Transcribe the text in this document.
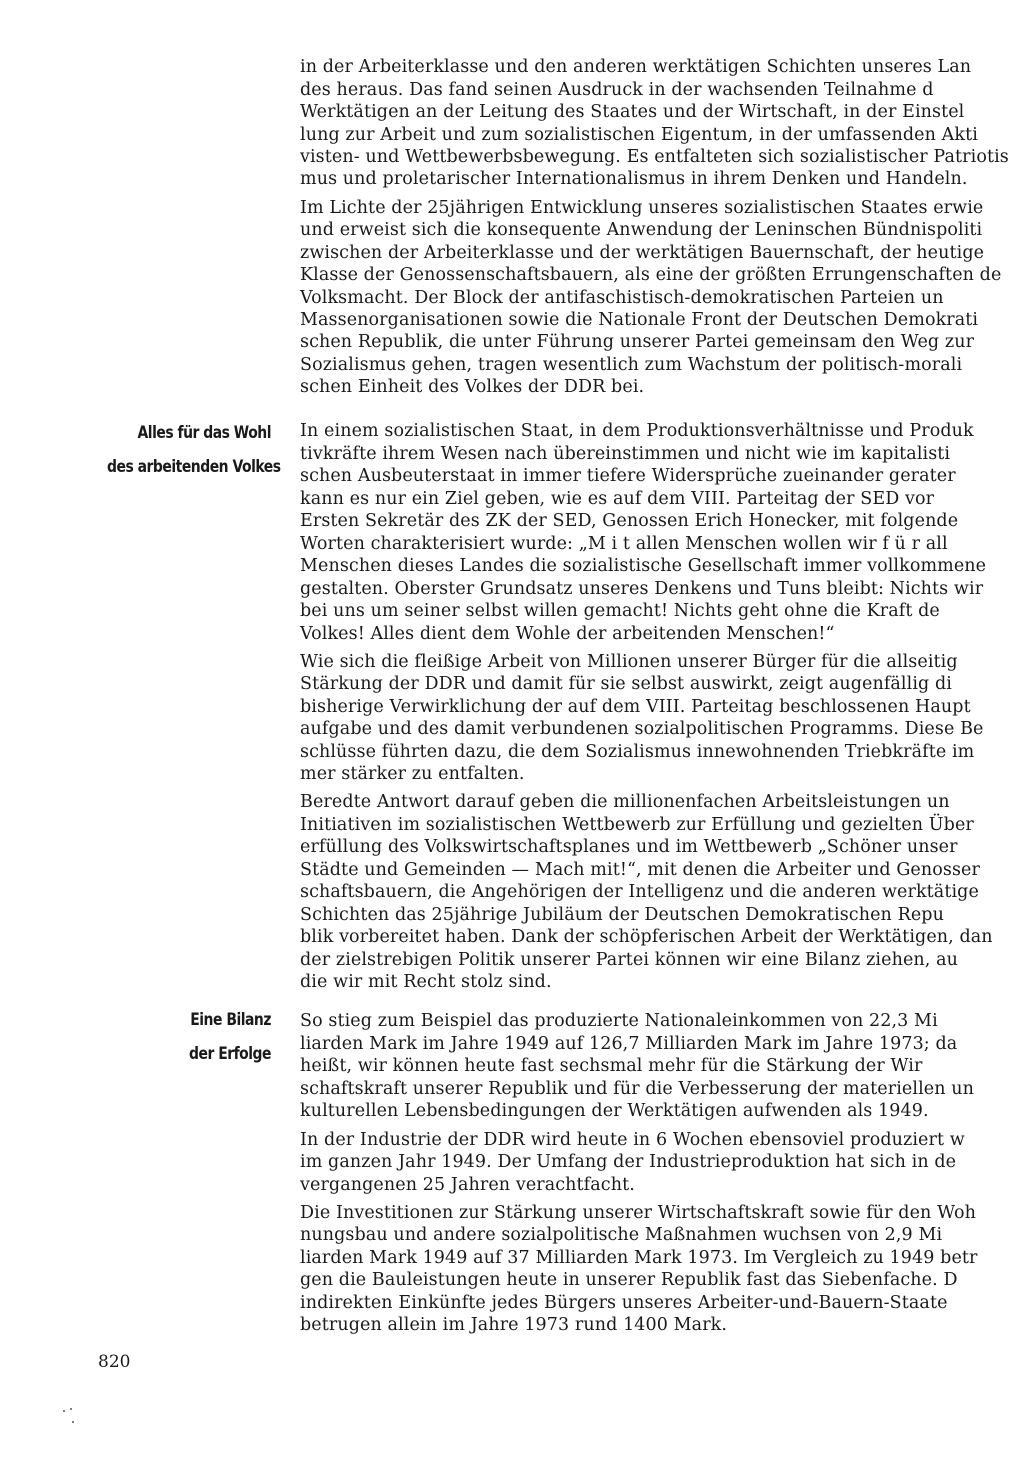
Alles für das Wohl
des arbeitenden Volkes
Eine Bilanz
der Erfolge
in der Arbeiterklasse und den anderen werktätigen Schichten unseres Lan
des heraus. Das fand seinen Ausdruck in der wachsenden Teilnahme d
Werktätigen an der Leitung des Staates und der Wirtschaft, in der Einstel
lung zur Arbeit und zum sozialistischen Eigentum, in der umfassenden Akti
visten- und Wettbewerbsbewegung. Es entfalteten sich sozialistischer Patriotis
mus und proletarischer Internationalismus in ihrem Denken und Handeln.
Im Lichte der 25jährigen Entwicklung unseres sozialistischen Staates erwie
und erweist sich die konsequente Anwendung der Leninschen Bündnispoliti
zwischen der Arbeiterklasse und der werktätigen Bauernschaft, der heutige
Klasse der Genossenschaftsbauern, als eine der größten Errungenschaften de
Volksmacht. Der Block der antifaschistisch-demokratischen Parteien un
Massenorganisationen sowie die Nationale Front der Deutschen Demokrati
schen Republik, die unter Führung unserer Partei gemeinsam den Weg zur
Sozialismus gehen, tragen wesentlich zum Wachstum der politisch-morali
schen Einheit des Volkes der DDR bei.
In einem sozialistischen Staat, in dem Produktionsverhältnisse und Produk
tivkräfte ihrem Wesen nach übereinstimmen und nicht wie im kapitalisti
schen Ausbeuterstaat in immer tiefere Widersprüche zueinander gerater
kann es nur ein Ziel geben, wie es auf dem VIII. Parteitag der SED vor
Ersten Sekretär des ZK der SED, Genossen Erich Honecker, mit folgende
Worten charakterisiert wurde: „M i t allen Menschen wollen wir f ü r all
Menschen dieses Landes die sozialistische Gesellschaft immer vollkommene
gestalten. Oberster Grundsatz unseres Denkens und Tuns bleibt: Nichts wir
bei uns um seiner selbst willen gemacht! Nichts geht ohne die Kraft de
Volkes! Alles dient dem Wohle der arbeitenden Menschen!“
Wie sich die fleißige Arbeit von Millionen unserer Bürger für die allseitig
Stärkung der DDR und damit für sie selbst auswirkt, zeigt augenfällig di
bisherige Verwirklichung der auf dem VIII. Parteitag beschlossenen Haupt
aufgabe und des damit verbundenen sozialpolitischen Programms. Diese Be
schlüsse führten dazu, die dem Sozialismus innewohnenden Triebkräfte im
mer stärker zu entfalten.
Beredte Antwort darauf geben die millionenfachen Arbeitsleistungen un
Initiativen im sozialistischen Wettbewerb zur Erfüllung und gezielten Über
erfüllung des Volkswirtschaftsplanes und im Wettbewerb „Schöner unser
Städte und Gemeinden — Mach mit!“, mit denen die Arbeiter und Genosser
schaftsbauern, die Angehörigen der Intelligenz und die anderen werktätige
Schichten das 25jährige Jubiläum der Deutschen Demokratischen Repu
blik vorbereitet haben. Dank der schöpferischen Arbeit der Werktätigen, dan
der zielstrebigen Politik unserer Partei können wir eine Bilanz ziehen, au
die wir mit Recht stolz sind.
So stieg zum Beispiel das produzierte Nationaleinkommen von 22,3 Mi
liarden Mark im Jahre 1949 auf 126,7 Milliarden Mark im Jahre 1973; da
heißt, wir können heute fast sechsmal mehr für die Stärkung der Wir
schaftskraft unserer Republik und für die Verbesserung der materiellen un
kulturellen Lebensbedingungen der Werktätigen aufwenden als 1949.
In der Industrie der DDR wird heute in 6 Wochen ebensoviel produziert w
im ganzen Jahr 1949. Der Umfang der Industrieproduktion hat sich in de
vergangenen 25 Jahren verachtfacht.
Die Investitionen zur Stärkung unserer Wirtschaftskraft sowie für den Woh
nungsbau und andere sozialpolitische Maßnahmen wuchsen von 2,9 Mi
liarden Mark 1949 auf 37 Milliarden Mark 1973. Im Vergleich zu 1949 betr
gen die Bauleistungen heute in unserer Republik fast das Siebenfache. D
indirekten Einkünfte jedes Bürgers unseres Arbeiter-und-Bauern-Staate
betrugen allein im Jahre 1973 rund 1400 Mark.
820
